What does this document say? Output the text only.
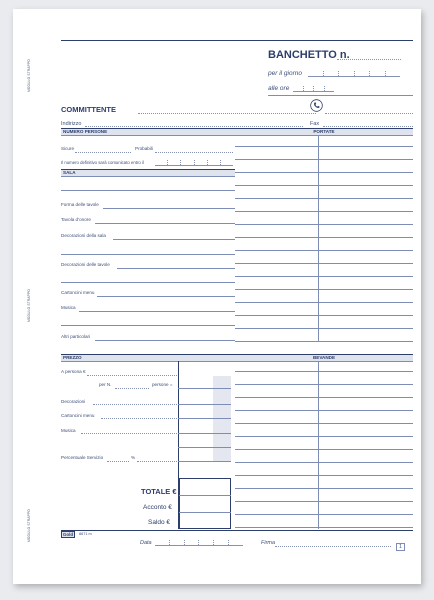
MODULO STRAPPO
MODULO STRAPPO
MODULO STRAPPO
BANCHETTO n.
per il giorno
alle ore
COMMITTENTE
Indirizzo	Fax
NUMERO PERSONE
Sicure	Probabili
Il numero definitivo sarà comunicato entro il
SALA
Forma delle tavole
Tavola d’onore
Decorazioni della sala
Decorazioni delle tavole
Cartoncini menu
Musica
Altri particolari
PREZZO
A persona €
per N.	persone =
Decorazioni
Cartoncini menu
Musica
Percentuale Servizio	%
TOTALE €
Acconto €
Saldo €
PORTATE
BEVANDE
Gold	8671 m
Data	Firma
1
